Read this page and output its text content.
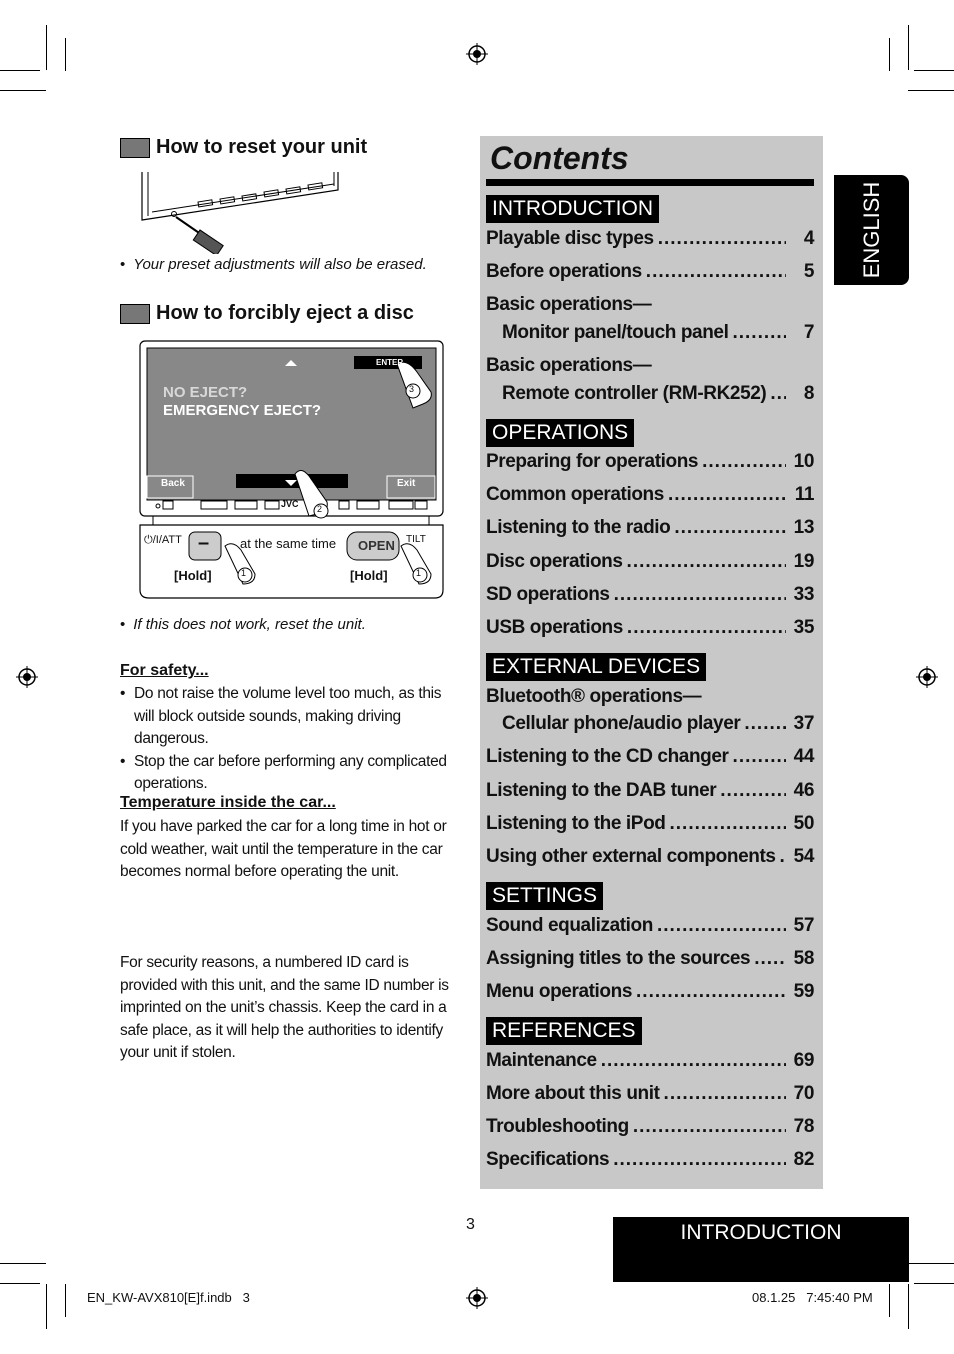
How to reset your unit
• Your preset adjustments will also be erased.
How to forcibly eject a disc
NO EJECT?
EMERGENCY EJECT?
ENTER
Back	Exit
JVC
⏻/I/ATT – at the same time OPEN TILT
[Hold]	[Hold]
3
2
1	1
• If this does not work, reset the unit.
For safety...
• Do not raise the volume level too much, as this will block outside sounds, making driving dangerous.
• Stop the car before performing any complicated operations.
Temperature inside the car...
If you have parked the car for a long time in hot or cold weather, wait until the temperature in the car becomes normal before operating the unit.
For security reasons, a numbered ID card is provided with this unit, and the same ID number is imprinted on the unit’s chassis. Keep the card in a safe place, as it will help the authorities to identify your unit if stolen.
Contents
INTRODUCTION
Playable disc types .....	4
Before operations .....	5
Basic operations—
Monitor panel/touch panel .....	7
Basic operations—
Remote controller (RM-RK252) .....	8
OPERATIONS
Preparing for operations .....	10
Common operations .....	11
Listening to the radio .....	13
Disc operations .....	19
SD operations .....	33
USB operations .....	35
EXTERNAL DEVICES
Bluetooth® operations—
Cellular phone/audio player .....	37
Listening to the CD changer .....	44
Listening to the DAB tuner .....	46
Listening to the iPod .....	50
Using other external components ..... 54
SETTINGS
Sound equalization .....	57
Assigning titles to the sources ..... 58
Menu operations .....	59
REFERENCES
Maintenance .....	69
More about this unit .....	70
Troubleshooting .....	78
Specifications .....	82
ENGLISH
3	INTRODUCTION
EN_KW-AVX810[E]f.indb   3	08.1.25   7:45:40 PM
